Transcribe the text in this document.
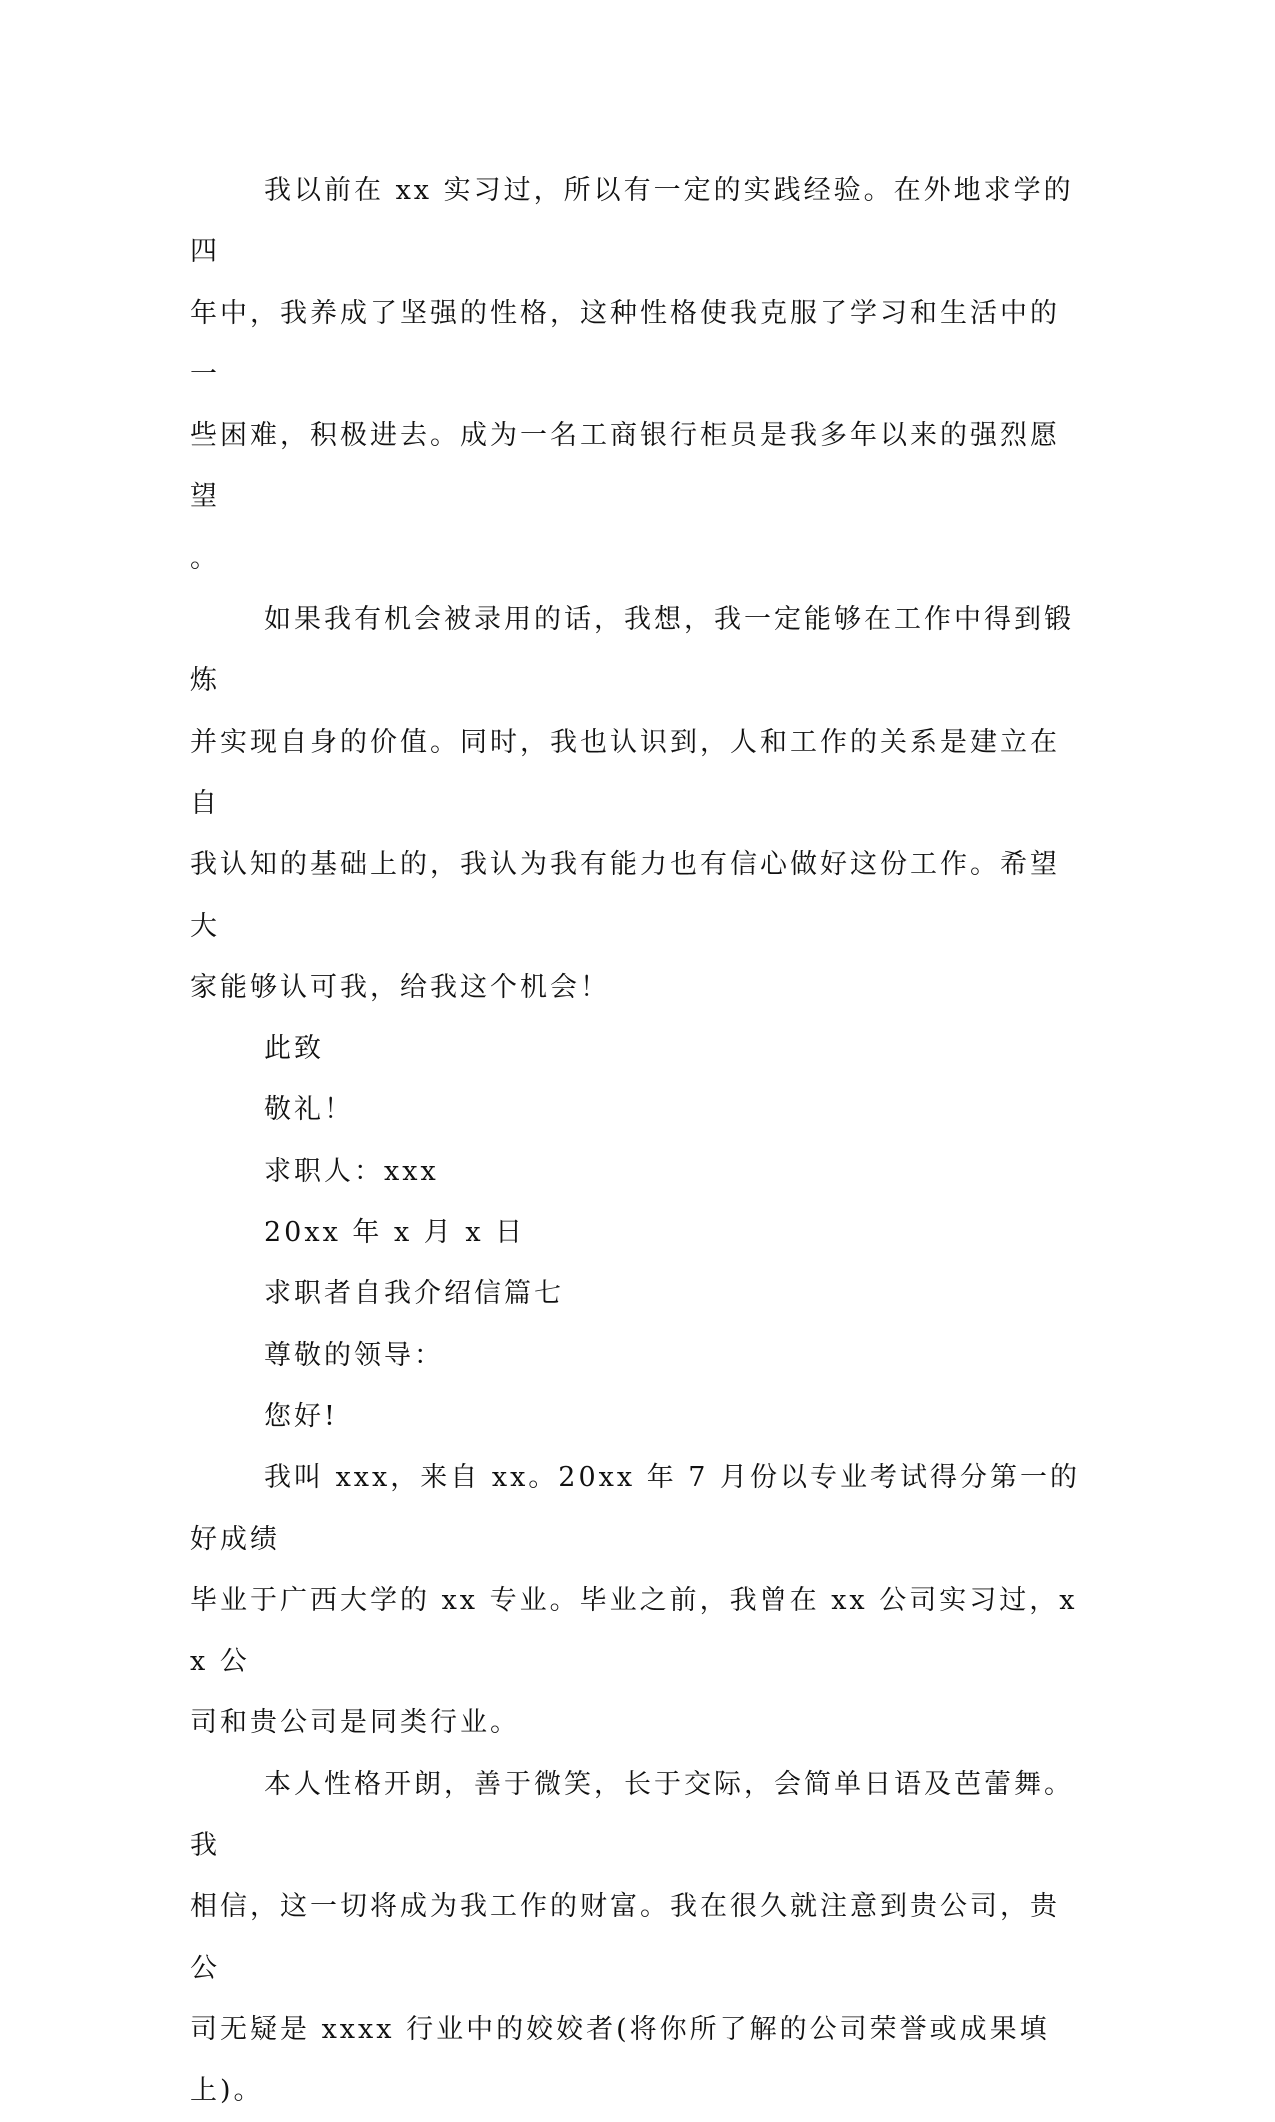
我以前在 xx 实习过，所以有一定的实践经验。在外地求学的四
年中，我养成了坚强的性格，这种性格使我克服了学习和生活中的一
些困难，积极进去。成为一名工商银行柜员是我多年以来的强烈愿望
。

如果我有机会被录用的话，我想，我一定能够在工作中得到锻炼
并实现自身的价值。同时，我也认识到，人和工作的关系是建立在自
我认知的基础上的，我认为我有能力也有信心做好这份工作。希望大
家能够认可我，给我这个机会！

此致

敬礼！

求职人：xxx

20xx 年 x 月 x 日

求职者自我介绍信篇七

尊敬的领导：

您好!

我叫 xxx，来自 xx。20xx 年 7 月份以专业考试得分第一的好成绩
毕业于广西大学的 xx 专业。毕业之前，我曾在 xx 公司实习过，xx 公
司和贵公司是同类行业。

本人性格开朗，善于微笑，长于交际，会简单日语及芭蕾舞。我
相信，这一切将成为我工作的财富。我在很久就注意到贵公司，贵公
司无疑是 xxxx 行业中的姣姣者(将你所了解的公司荣誉或成果填上)。
